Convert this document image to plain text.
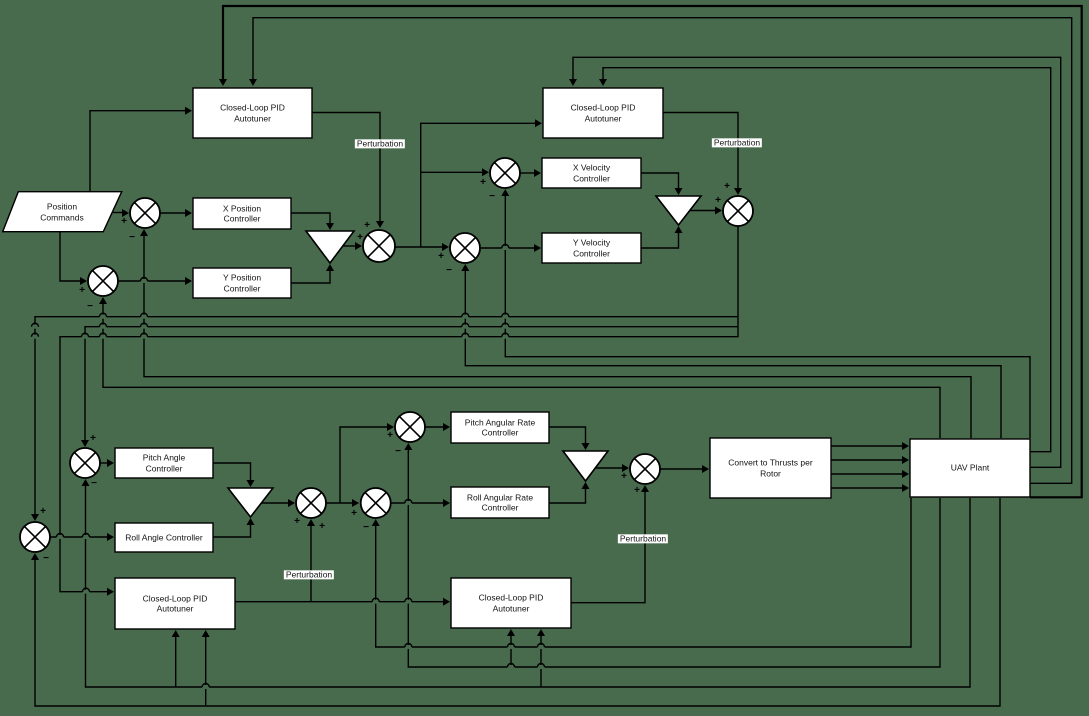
Closed-Loop PID
Autotuner
Closed-Loop PID
Autotuner
Closed-Loop PID
Autotuner
Closed-Loop PID
Autotuner
X Position
Controller
Y Position
Controller
X Velocity
Controller
Y Velocity
Controller
Pitch Angle
Controller
Roll Angle Controller
Pitch Angular Rate
Controller
Roll Angular Rate
Controller
Convert to Thrusts per
Rotor
UAV Plant
Position
Commands
Perturbation	Perturbation
Perturbation
Perturbation
+
−
+
−
+
+
+
−
+
−
+
+
+
−
+
−
+ +
+
−
+
−
+
+
